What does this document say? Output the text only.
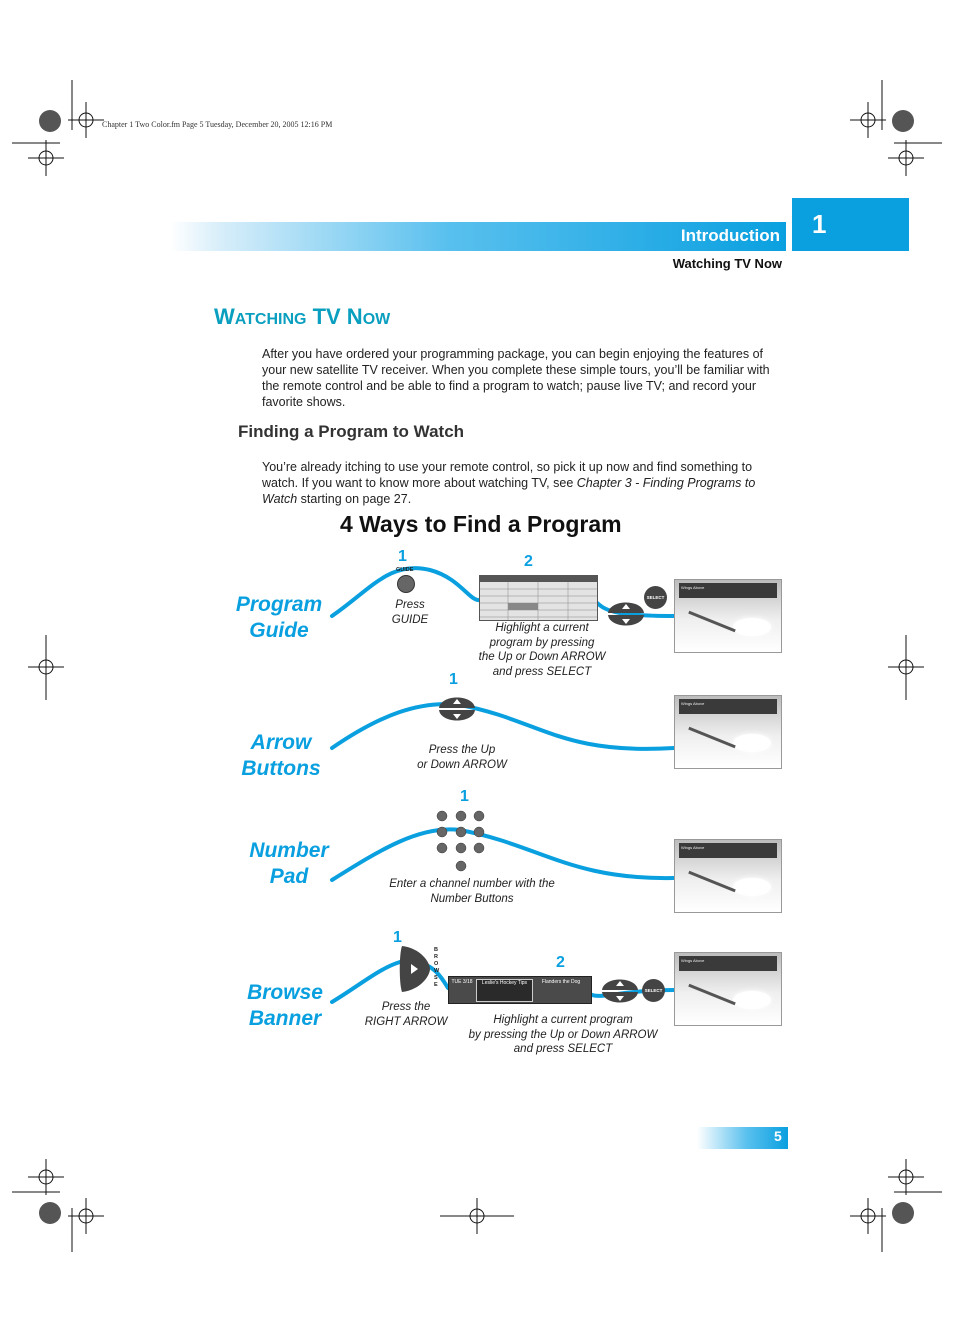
Chapter 1 Two Color.fm Page 5 Tuesday, December 20, 2005 12:16 PM
Introduction 1
Watching TV Now
WATCHING TV NOW
After you have ordered your programming package, you can begin enjoying the features of your new satellite TV receiver. When you complete these simple tours, you’ll be familiar with the remote control and be able to find a program to watch; pause live TV; and record your favorite shows.
Finding a Program to Watch
You’re already itching to use your remote control, so pick it up now and find something to watch. If you want to know more about watching TV, see Chapter 3 - Finding Programs to Watch starting on page 27.
4 Ways to Find a Program
Program
Guide
1
GUIDE
Press
GUIDE
2
SELECT
Highlight a current
program by pressing
the Up or Down ARROW
and press SELECT
Wings Above
Arrow
Buttons
1
Press the Up
or Down ARROW
Wings Above
Number
Pad
1
Enter a channel number with the
Number Buttons
Wings Above
Browse
Banner
1
BROWSE
Press the
RIGHT ARROW
2
TUE 3/18	Leslie's Hockey Tips	Flanders the Dog
SELECT
Highlight a current program
by pressing the Up or Down ARROW
and press SELECT
Wings Above
5
